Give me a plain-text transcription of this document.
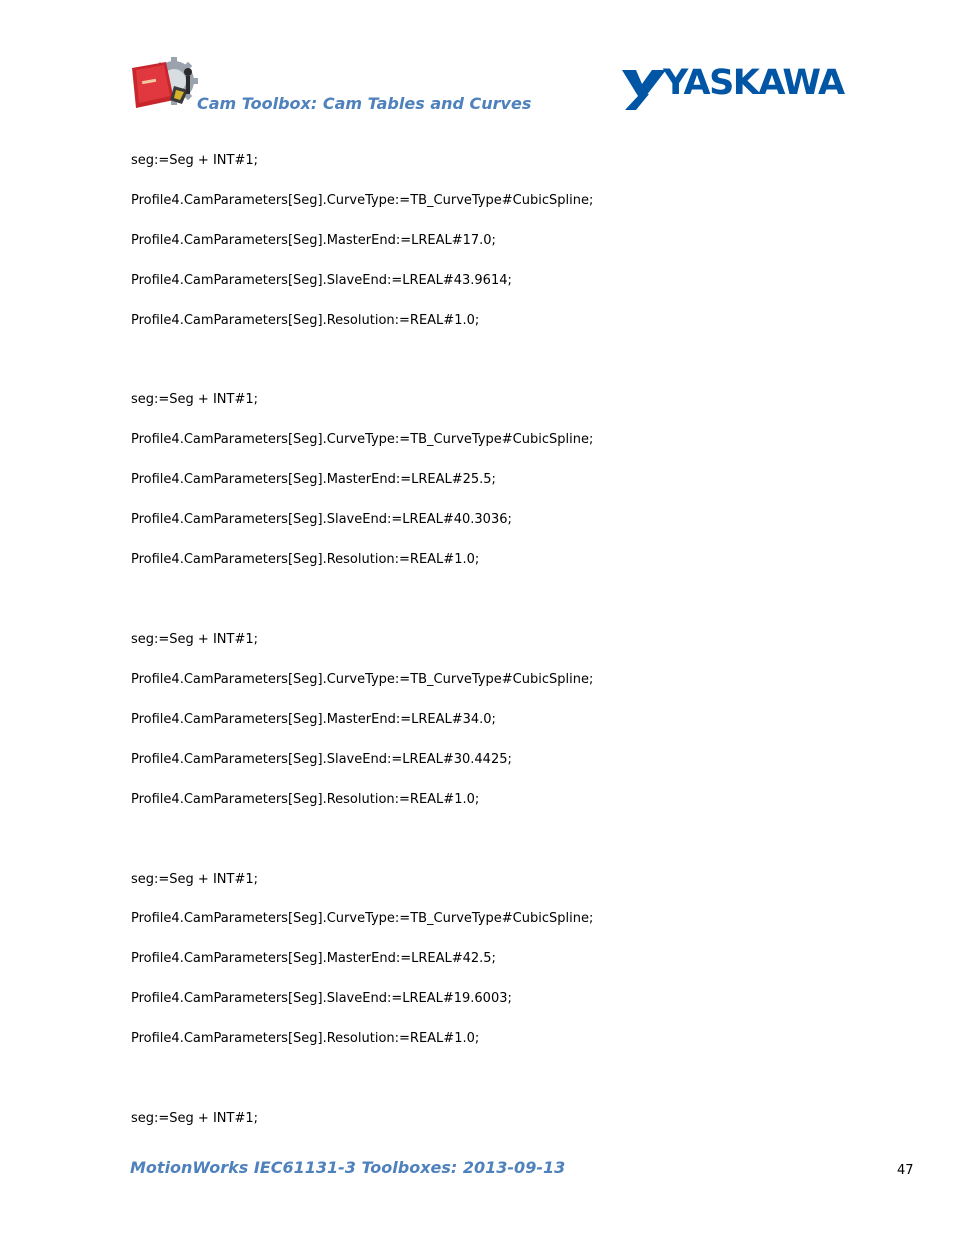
Cam Toolbox: Cam Tables and Curves
YASKAWA
seg:=Seg + INT#1;
Profile4.CamParameters[Seg].CurveType:=TB_CurveType#CubicSpline;
Profile4.CamParameters[Seg].MasterEnd:=LREAL#17.0;
Profile4.CamParameters[Seg].SlaveEnd:=LREAL#43.9614;
Profile4.CamParameters[Seg].Resolution:=REAL#1.0;
seg:=Seg + INT#1;
Profile4.CamParameters[Seg].CurveType:=TB_CurveType#CubicSpline;
Profile4.CamParameters[Seg].MasterEnd:=LREAL#25.5;
Profile4.CamParameters[Seg].SlaveEnd:=LREAL#40.3036;
Profile4.CamParameters[Seg].Resolution:=REAL#1.0;
seg:=Seg + INT#1;
Profile4.CamParameters[Seg].CurveType:=TB_CurveType#CubicSpline;
Profile4.CamParameters[Seg].MasterEnd:=LREAL#34.0;
Profile4.CamParameters[Seg].SlaveEnd:=LREAL#30.4425;
Profile4.CamParameters[Seg].Resolution:=REAL#1.0;
seg:=Seg + INT#1;
Profile4.CamParameters[Seg].CurveType:=TB_CurveType#CubicSpline;
Profile4.CamParameters[Seg].MasterEnd:=LREAL#42.5;
Profile4.CamParameters[Seg].SlaveEnd:=LREAL#19.6003;
Profile4.CamParameters[Seg].Resolution:=REAL#1.0;
seg:=Seg + INT#1;
MotionWorks IEC61131-3 Toolboxes: 2013-09-13	47
